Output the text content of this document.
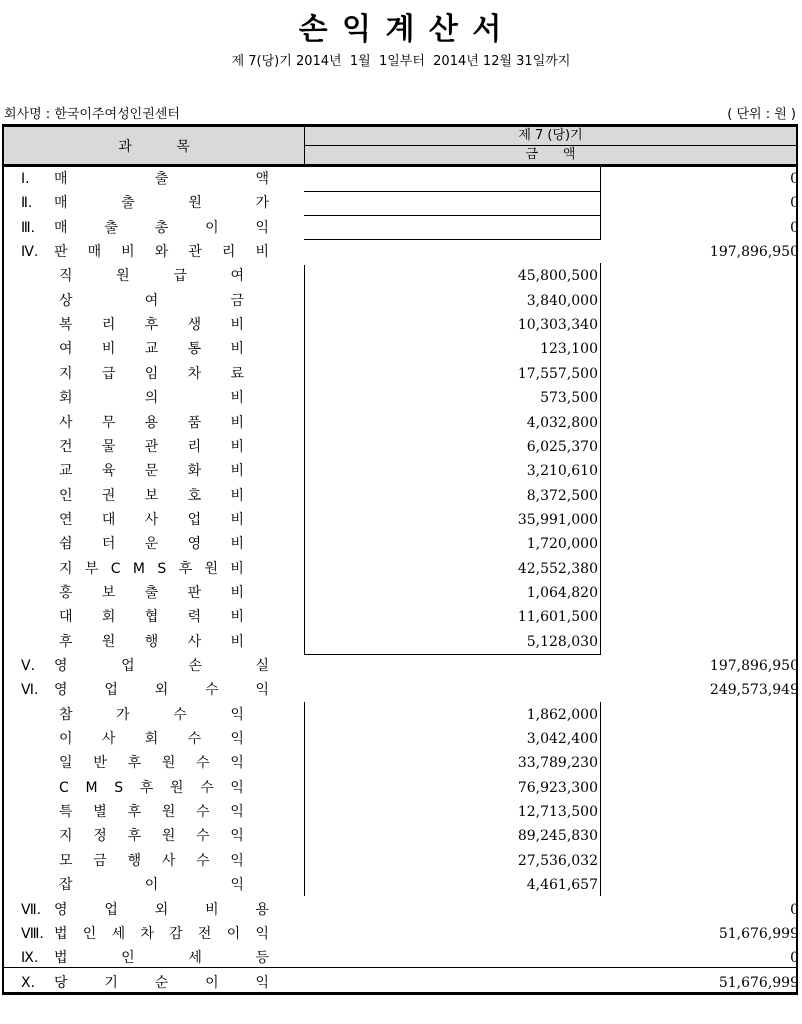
손 익 계 산 서
제 7(당)기 2014년  1월  1일부터  2014년 12월 31일까지
회사명 : 한국이주여성인권센터	( 단위 : 원 )
과          목
제 7 (당)기
금      액
Ⅰ.	매	출	액	0
Ⅱ.	매	출	원	가	0
Ⅲ.	매	출	총	이	익	0
Ⅳ.	판 매 비 와 관 리 비	197,896,950
직	원	급	여	45,800,500
상	여	금	3,840,000
복 리 후 생 비	10,303,340
여 비 교 통 비	123,100
지 급 임 차 료	17,557,500
회	의	비	573,500
사 무 용 품 비	4,032,800
건 물 관 리 비	6,025,370
교 육 문 화 비	3,210,610
인 권 보 호 비	8,372,500
연 대 사 업 비	35,991,000
쉼 터 운 영 비	1,720,000
지 부 C M S 후 원 비	42,552,380
홍 보 출 판 비	1,064,820
대 회 협 력 비	11,601,500
후 원 행 사 비	5,128,030
Ⅴ.	영	업	손	실	197,896,950
Ⅵ.	영	업	외	수	익	249,573,949
참	가	수	익	1,862,000
이 사 회 수 익	3,042,400
일 반 후 원 수 익	33,789,230
C M S 후 원 수 익	76,923,300
특 별 후 원 수 익	12,713,500
지 정 후 원 수 익	89,245,830
모 금 행 사 수 익	27,536,032
잡	이	익	4,461,657
Ⅶ. 영	업	외	비	용	0
Ⅷ. 법 인 세 차 감 전 이 익	51,676,999
Ⅸ.	법	인	세	등	0
Ⅹ.	당	기	순	이	익	51,676,999
